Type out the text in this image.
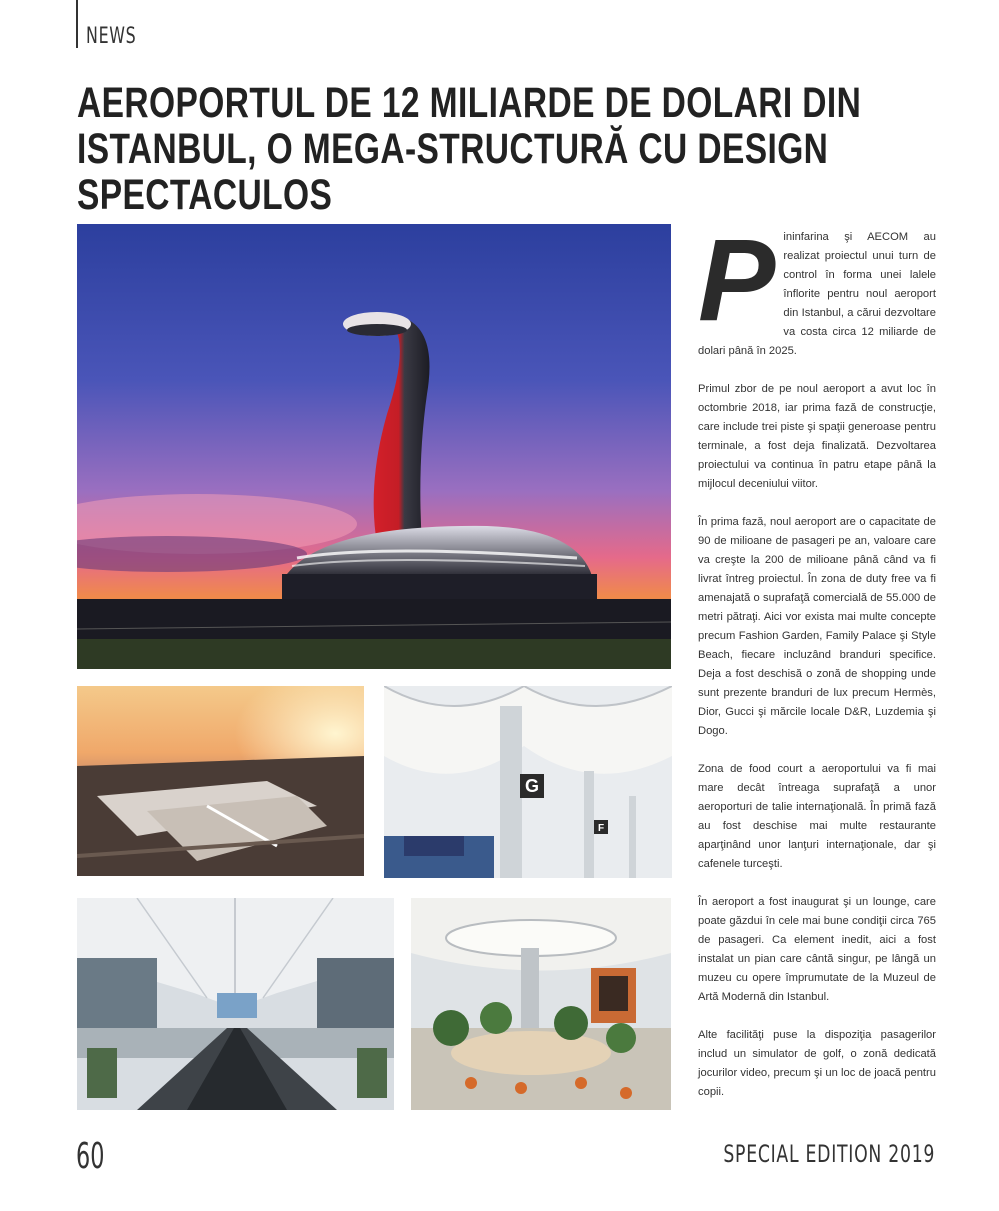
NEWS
AEROPORTUL DE 12 MILIARDE DE DOLARI DIN ISTANBUL, O MEGA-STRUCTURĂ CU DESIGN SPECTACULOS
G
F

Pininfarina şi AECOM au realizat proiectul unui turn de control în forma unei lalele înflorite pentru noul aeroport din Istanbul, a cărui dezvoltare va costa circa 12 miliarde de dolari până în 2025.

Primul zbor de pe noul aeroport a avut loc în octombrie 2018, iar prima fază de construcţie, care include trei piste şi spaţii generoase pentru terminale, a fost deja finalizată. Dezvoltarea proiectului va continua în patru etape până la mijlocul deceniului viitor.

În prima fază, noul aeroport are o capacitate de 90 de milioane de pasageri pe an, valoare care va creşte la 200 de milioane până când va fi livrat întreg proiectul. În zona de duty free va fi amenajată o suprafaţă comercială de 55.000 de metri pătraţi. Aici vor exista mai multe concepte precum Fashion Garden, Family Palace şi Style Beach, fiecare incluzând branduri specifice. Deja a fost deschisă o zonă de shopping unde sunt prezente branduri de lux precum Hermès, Dior, Gucci şi mărcile locale D&R, Luzdemia şi Dogo.

Zona de food court a aeroportului va fi mai mare decât întreaga suprafaţă a unor aeroporturi de talie internaţională. În primă fază au fost deschise mai multe restaurante aparţinând unor lanţuri internaţionale, dar şi cafenele turceşti.

În aeroport a fost inaugurat şi un lounge, care poate găzdui în cele mai bune condiţii circa 765 de pasageri. Ca element inedit, aici a fost instalat un pian care cântă singur, pe lângă un muzeu cu opere împrumutate de la Muzeul de Artă Modernă din Istanbul.

Alte facilităţi puse la dispoziţia pasagerilor includ un simulator de golf, o zonă dedicată jocurilor video, precum şi un loc de joacă pentru copii.

60	SPECIAL EDITION 2019
